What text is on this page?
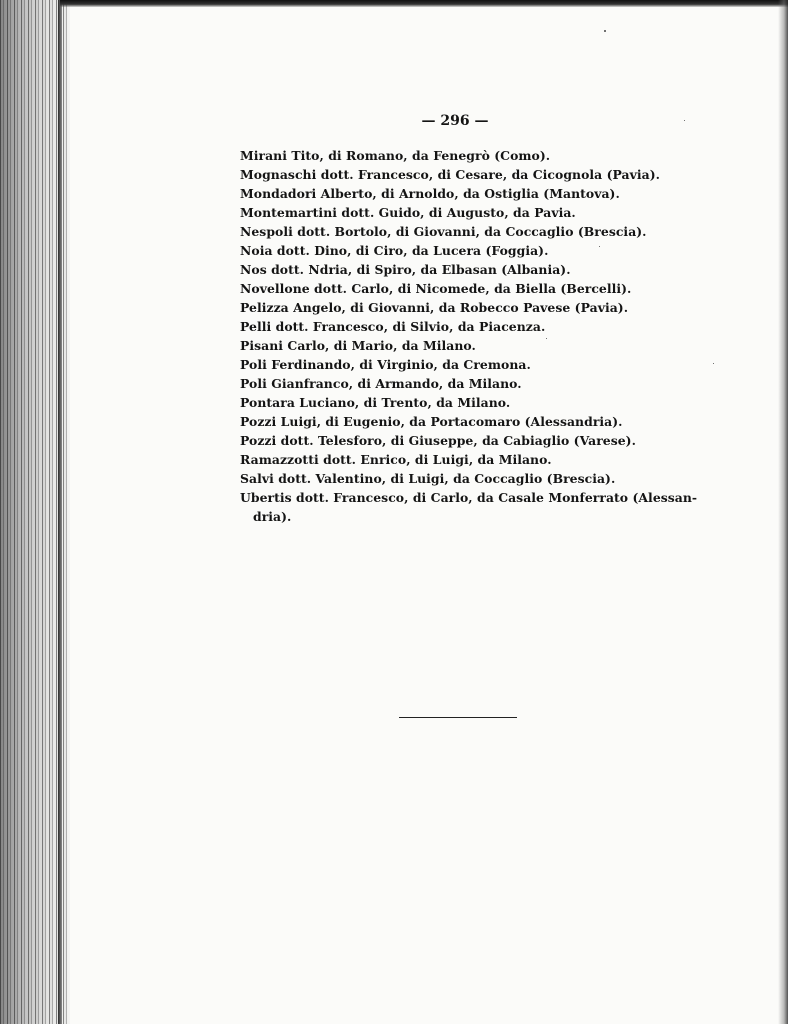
— 296 —
Mirani Tito, di Romano, da Fenegrò (Como).
Mognaschi dott. Francesco, di Cesare, da Cicognola (Pavia).
Mondadori Alberto, di Arnoldo, da Ostiglia (Mantova).
Montemartini dott. Guido, di Augusto, da Pavia.
Nespoli dott. Bortolo, di Giovanni, da Coccaglio (Brescia).
Noia dott. Dino, di Ciro, da Lucera (Foggia).
Nos dott. Ndria, di Spiro, da Elbasan (Albania).
Novellone dott. Carlo, di Nicomede, da Biella (Bercelli).
Pelizza Angelo, di Giovanni, da Robecco Pavese (Pavia).
Pelli dott. Francesco, di Silvio, da Piacenza.
Pisani Carlo, di Mario, da Milano.
Poli Ferdinando, di Virginio, da Cremona.
Poli Gianfranco, di Armando, da Milano.
Pontara Luciano, di Trento, da Milano.
Pozzi Luigi, di Eugenio, da Portacomaro (Alessandria).
Pozzi dott. Telesforo, di Giuseppe, da Cabiaglio (Varese).
Ramazzotti dott. Enrico, di Luigi, da Milano.
Salvi dott. Valentino, di Luigi, da Coccaglio (Brescia).
Ubertis dott. Francesco, di Carlo, da Casale Monferrato (Alessan-
dria).
